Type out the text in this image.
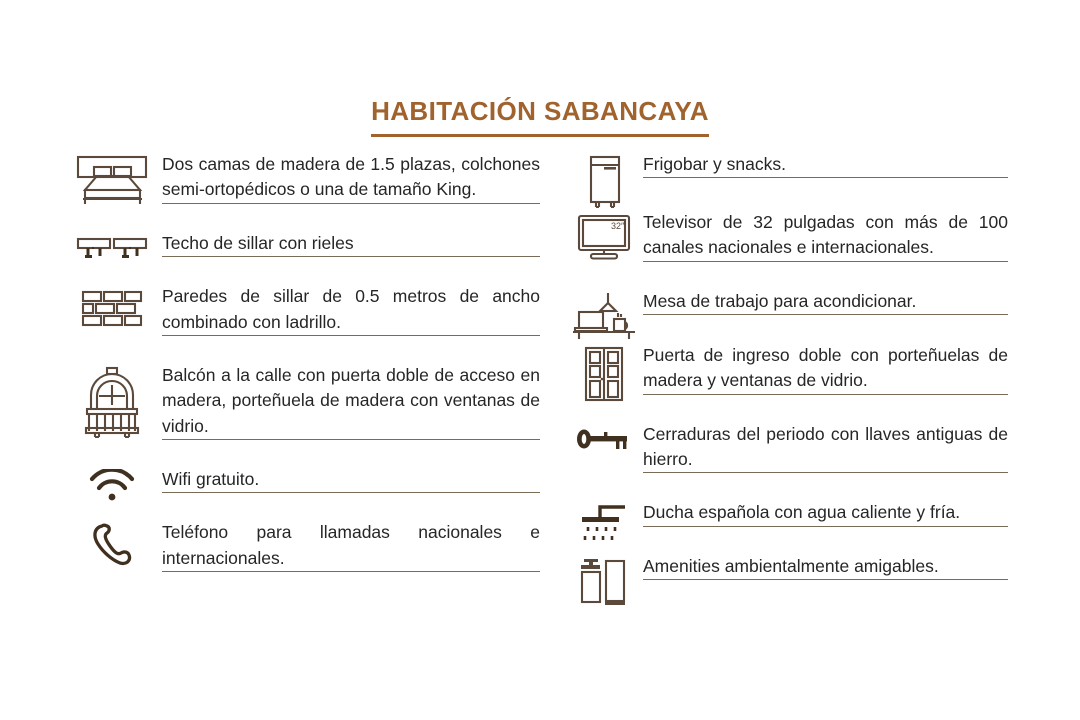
HABITACIÓN SABANCAYA

Dos camas de madera de 1.5 plazas, colchones semi-ortopédicos o una de tamaño King.

Techo de sillar con rieles

Paredes de sillar de 0.5 metros de ancho combinado con ladrillo.

Balcón a la calle con puerta doble de acceso en madera, porteñuela de madera con ventanas de vidrio.

Wifi gratuito.

Teléfono para llamadas nacionales e internacionales.

Frigobar y snacks.

32″ Televisor de 32 pulgadas con más de 100 canales nacionales e internacionales.

Mesa de trabajo para acondicionar.

Puerta de ingreso doble con porteñuelas de madera y ventanas de vidrio.

Cerraduras del periodo con llaves antiguas de hierro.

Ducha española con agua caliente y fría.

Amenities ambientalmente amigables.
